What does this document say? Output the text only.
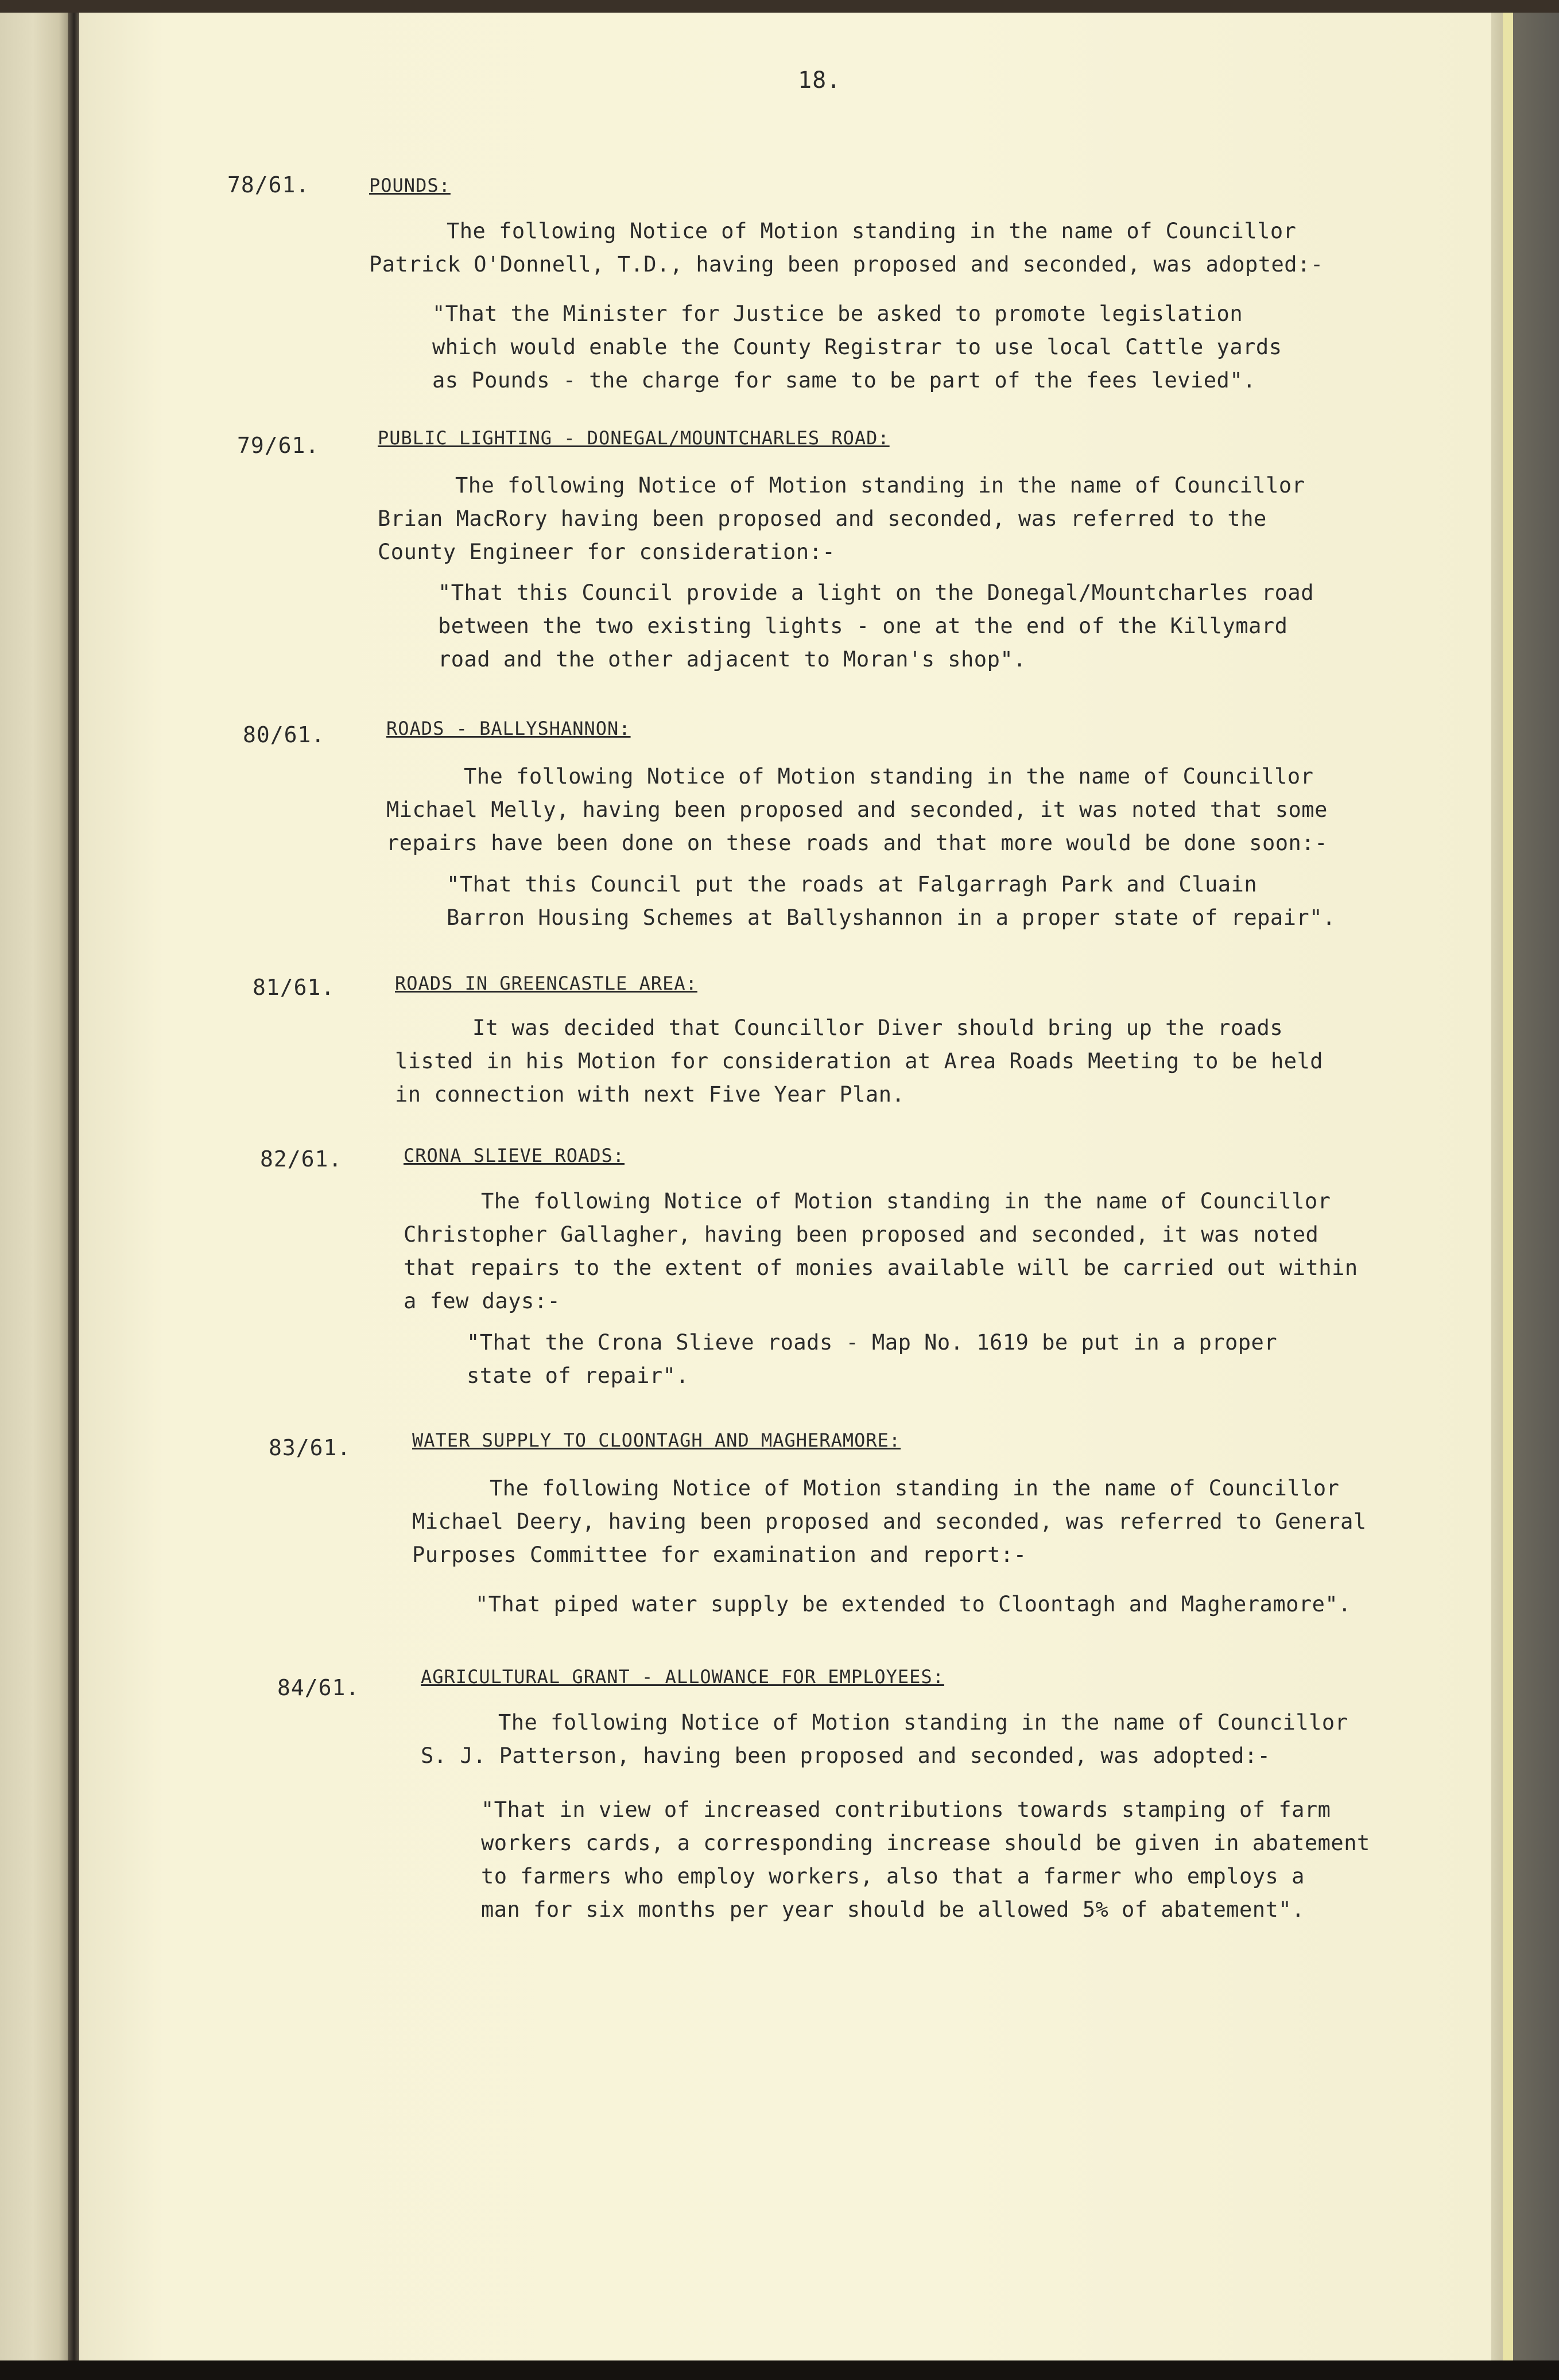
18.
78/61.	POUNDS:
The following Notice of Motion standing in the name of Councillor
Patrick O'Donnell, T.D., having been proposed and seconded, was adopted:-
"That the Minister for Justice be asked to promote legislation
which would enable the County Registrar to use local Cattle yards
as Pounds - the charge for same to be part of the fees levied".
79/61.	PUBLIC LIGHTING - DONEGAL/MOUNTCHARLES ROAD:
The following Notice of Motion standing in the name of Councillor
Brian MacRory having been proposed and seconded, was referred to the
County Engineer for consideration:-
"That this Council provide a light on the Donegal/Mountcharles road
between the two existing lights - one at the end of the Killymard
road and the other adjacent to Moran's shop".
80/61.	ROADS - BALLYSHANNON:
The following Notice of Motion standing in the name of Councillor
Michael Melly, having been proposed and seconded, it was noted that some
repairs have been done on these roads and that more would be done soon:-
"That this Council put the roads at Falgarragh Park and Cluain
Barron Housing Schemes at Ballyshannon in a proper state of repair".
81/61.	ROADS IN GREENCASTLE AREA:
It was decided that Councillor Diver should bring up the roads
listed in his Motion for consideration at Area Roads Meeting to be held
in connection with next Five Year Plan.
82/61.	CRONA SLIEVE ROADS:
The following Notice of Motion standing in the name of Councillor
Christopher Gallagher, having been proposed and seconded, it was noted
that repairs to the extent of monies available will be carried out within
a few days:-
"That the Crona Slieve roads - Map No. 1619 be put in a proper
state of repair".
83/61.	WATER SUPPLY TO CLOONTAGH AND MAGHERAMORE:
The following Notice of Motion standing in the name of Councillor
Michael Deery, having been proposed and seconded, was referred to General
Purposes Committee for examination and report:-
"That piped water supply be extended to Cloontagh and Magheramore".
84/61.	AGRICULTURAL GRANT - ALLOWANCE FOR EMPLOYEES:
The following Notice of Motion standing in the name of Councillor
S. J. Patterson, having been proposed and seconded, was adopted:-
"That in view of increased contributions towards stamping of farm
workers cards, a corresponding increase should be given in abatement
to farmers who employ workers, also that a farmer who employs a
man for six months per year should be allowed 5% of abatement".
